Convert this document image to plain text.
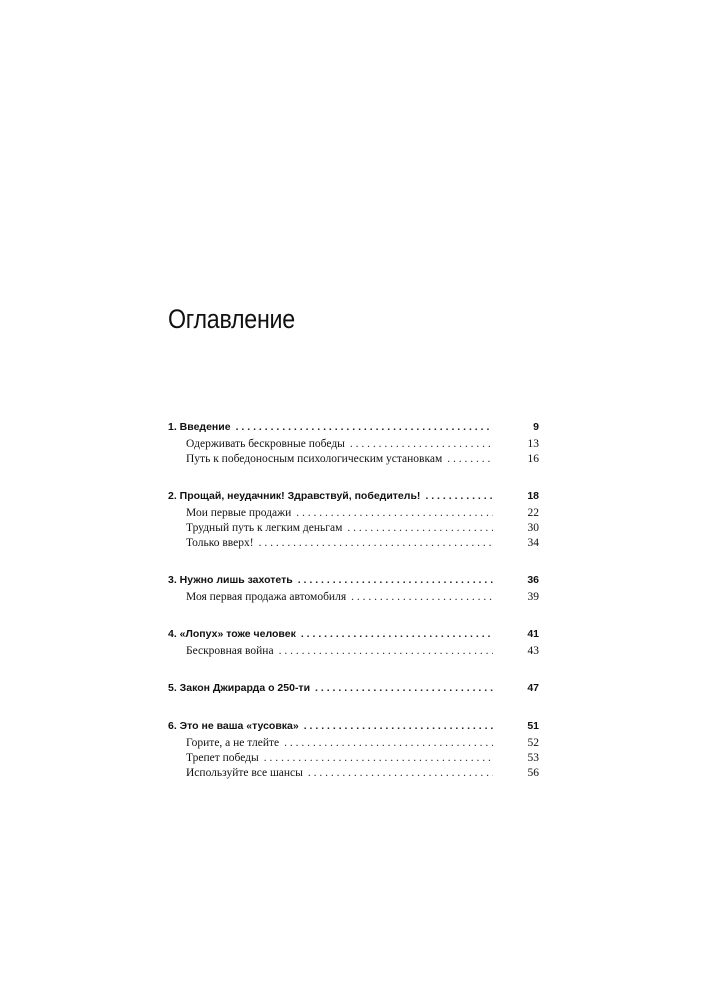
Оглавление
1. Введение . . .	9
Одерживать бескровные победы . . .	13
Путь к победоносным психологическим установкам . . .	16
2. Прощай, неудачник! Здравствуй, победитель! . . .	18
Мои первые продажи . . .	22
Трудный путь к легким деньгам . . .	30
Только вверх! . . .	34
3. Нужно лишь захотеть . . .	36
Моя первая продажа автомобиля . . .	39
4. «Лопух» тоже человек . . .	41
Бескровная война . . .	43
5. Закон Джирарда о 250-ти . . .	47
6. Это не ваша «тусовка» . . .	51
Горите, а не тлейте . . .	52
Трепет победы . . .	53
Используйте все шансы . . .	56
